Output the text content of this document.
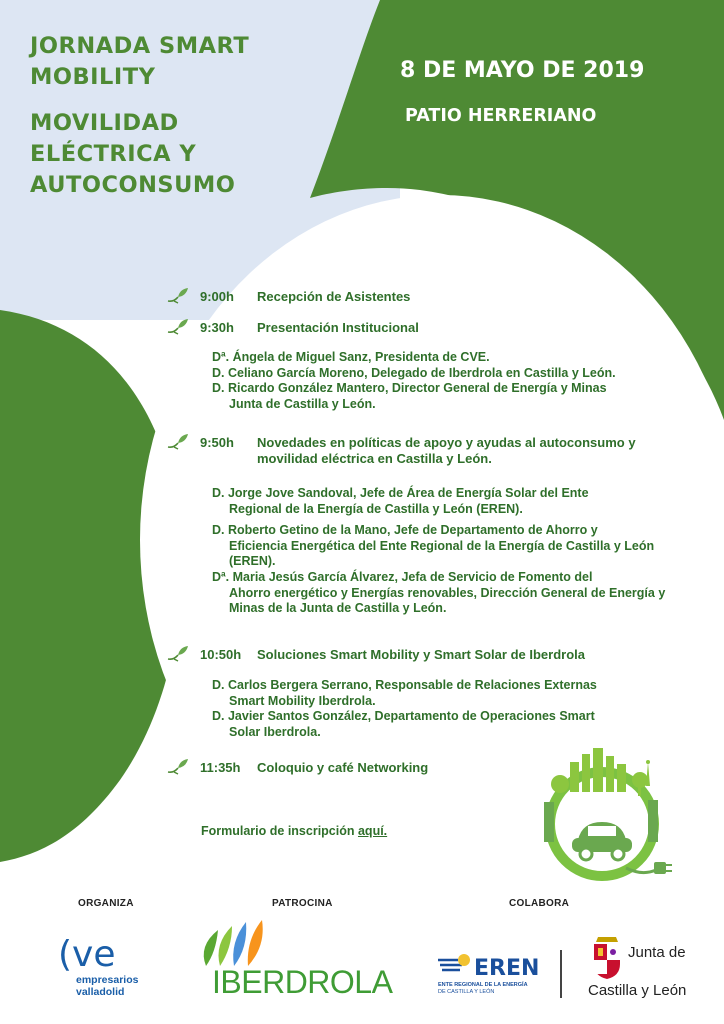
JORNADA SMART
MOBILITY
MOVILIDAD
ELÉCTRICA Y
AUTOCONSUMO
8 DE MAYO DE 2019
PATIO HERRERIANO
9:00h Recepción de Asistentes
9:30h Presentación Institucional

Dª. Ángela de Miguel Sanz, Presidenta de CVE.

D. Celiano García Moreno, Delegado de Iberdrola en Castilla y León.

D. Ricardo González Mantero, Director General de Energía y Minas
Junta de Castilla y León.

9:50h Novedades en políticas de apoyo y ayudas al autoconsumo y movilidad eléctrica en Castilla y León.

D. Jorge Jove Sandoval, Jefe de Área de Energía Solar del Ente
Regional de la Energía de Castilla y León (EREN).

D. Roberto Getino de la Mano, Jefe de Departamento de Ahorro y
Eficiencia Energética del Ente Regional de la Energía de Castilla y León (EREN).

Dª. Maria Jesús García Álvarez, Jefa de Servicio de Fomento del
Ahorro energético y Energías renovables, Dirección General de Energía y Minas de la Junta de Castilla y León.

10:50h Soluciones Smart Mobility y Smart Solar de Iberdrola

D. Carlos Bergera Serrano, Responsable de Relaciones Externas
Smart Mobility Iberdrola.

D. Javier Santos González, Departamento de Operaciones Smart
Solar Iberdrola.

11:35h Coloquio y café Networking
Formulario de inscripción aquí.
ORGANIZA	PATROCINA	COLABORA
(ve
empresarios
valladolid	IBERDROLA	EREN
ENTE REGIONAL DE LA ENERGÍA
DE CASTILLA Y LEÓN
Junta de
Castilla y León
